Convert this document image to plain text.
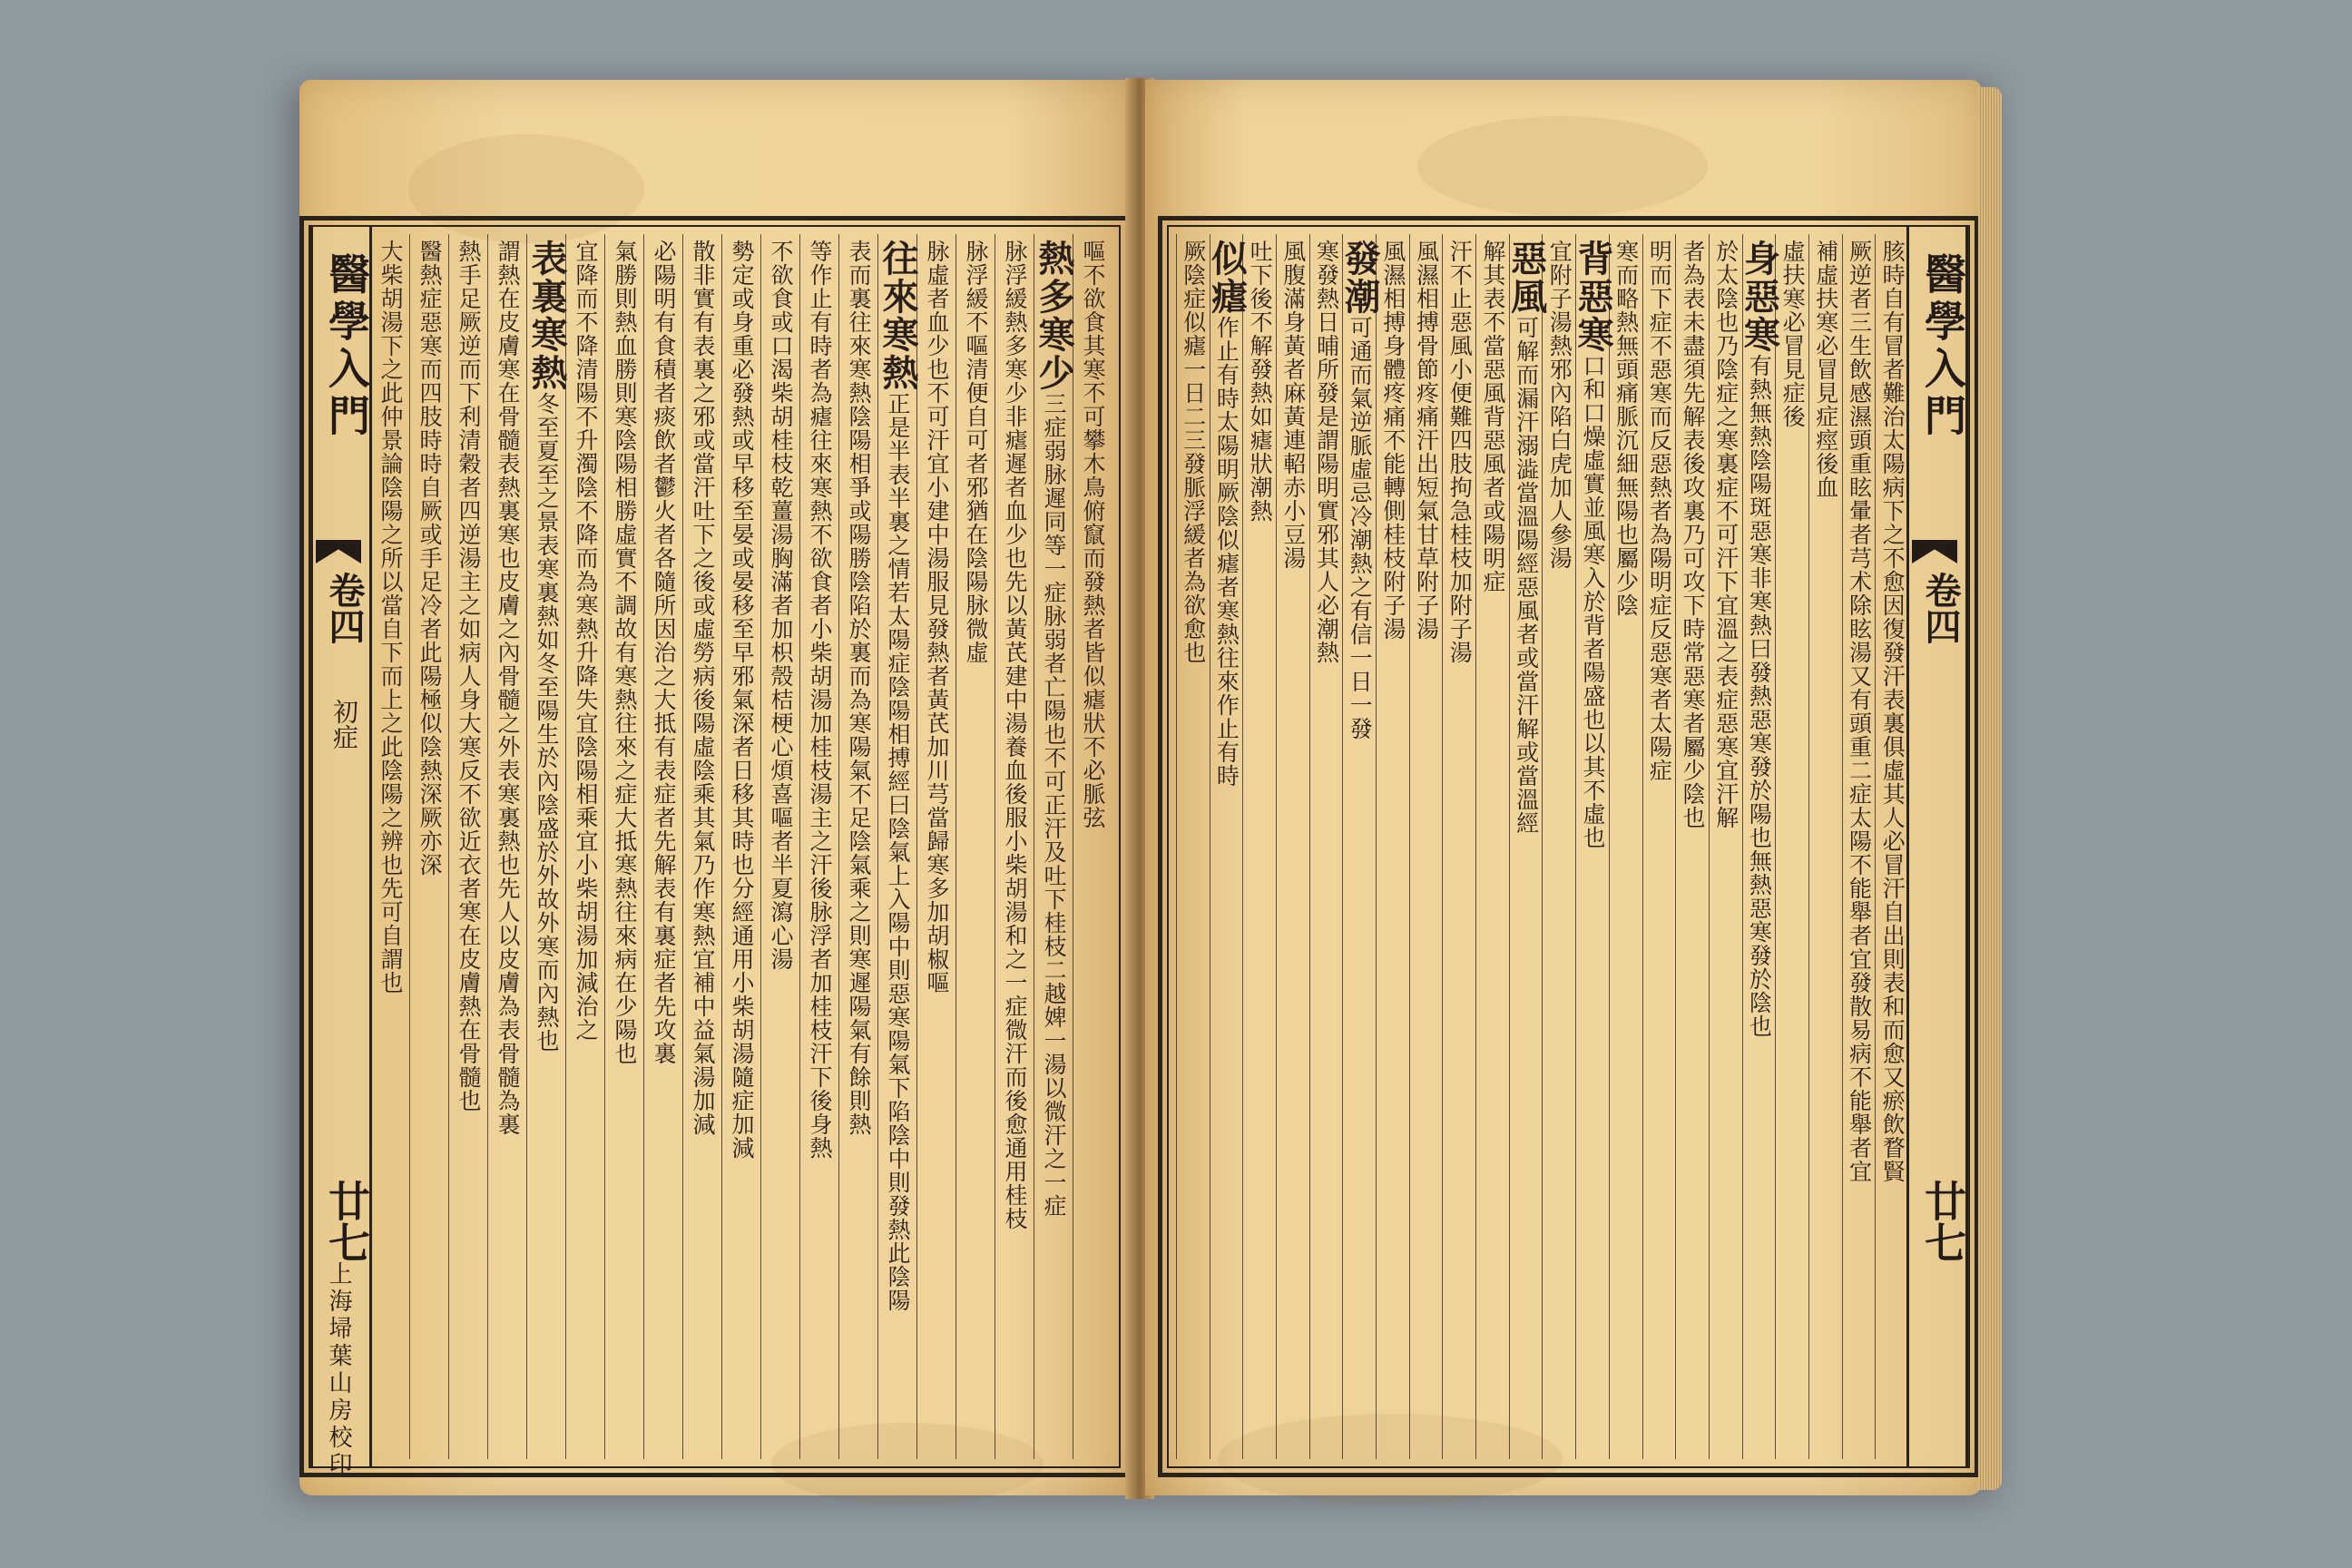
醫學入門
卷四
初症
廿七
上海埽葉山房校印
嘔不欲食其寒不可攀木鳥俯竄而發熱者皆似瘧狀不必脈弦
熱多寒少三症弱脉遲同等一症脉弱者亡陽也不可正汗及吐下桂枝二越婢一湯以微汗之一症
脉浮緩熱多寒少非瘧遲者血少也先以黃芪建中湯養血後服小柴胡湯和之一症微汗而後愈通用桂枝
脉浮緩不嘔清便自可者邪猶在陰陽脉微虛
脉虛者血少也不可汗宜小建中湯服見發熱者黃芪加川芎當歸寒多加胡椒嘔
往來寒熱正是半表半裏之情若太陽症陰陽相搏經曰陰氣上入陽中則惡寒陽氣下陷陰中則發熱此陰陽
表而裏往來寒熱陰陽相爭或陽勝陰陷於裏而為寒陽氣不足陰氣乘之則寒遲陽氣有餘則熱
等作止有時者為瘧往來寒熱不欲食者小柴胡湯加桂枝湯主之汗後脉浮者加桂枝汗下後身熱
不欲食或口渴柴胡桂枝乾薑湯胸滿者加枳殼桔梗心煩喜嘔者半夏瀉心湯
勢定或身重必發熱或早移至晏或晏移至早邪氣深者日移其時也分經通用小柴胡湯隨症加減
散非實有表裏之邪或當汗吐下之後或虛勞病後陽虛陰乘其氣乃作寒熱宜補中益氣湯加減
必陽明有食積者痰飲者鬱火者各隨所因治之大抵有表症者先解表有裏症者先攻裏
氣勝則熱血勝則寒陰陽相勝虛實不調故有寒熱往來之症大抵寒熱往來病在少陽也
宜降而不降清陽不升濁陰不降而為寒熱升降失宜陰陽相乘宜小柴胡湯加減治之
表裏寒熱冬至夏至之景表寒裏熱如冬至陽生於內陰盛於外故外寒而內熱也
謂熱在皮膚寒在骨髓表熱裏寒也皮膚之內骨髓之外表寒裏熱也先人以皮膚為表骨髓為裏
熱手足厥逆而下利清穀者四逆湯主之如病人身大寒反不欲近衣者寒在皮膚熱在骨髓也
醫熱症惡寒而四肢時時自厥或手足冷者此陽極似陰熱深厥亦深
大柴胡湯下之此仲景論陰陽之所以當自下而上之此陰陽之辨也先可自謂也	醫學入門
卷四
廿七
胲時自有冒者難治太陽病下之不愈因復發汗表裏俱虛其人必冒汗自出則表和而愈又瘀飲瞀賢
厥逆者三生飲感濕頭重眩暈者芎术除眩湯又有頭重二症太陽不能舉者宜發散易病不能舉者宜
補虛扶寒必冒見症痙後血
虛扶寒必冒見症後
身惡寒有熱無熱陰陽斑惡寒非寒熱曰發熱惡寒發於陽也無熱惡寒發於陰也
於太陰也乃陰症之寒裏症不可汗下宜溫之表症惡寒宜汗解
者為表未盡須先解表後攻裏乃可攻下時常惡寒者屬少陰也
明而下症不惡寒而反惡熱者為陽明症反惡寒者太陽症
寒而略熱無頭痛脈沉細無陽也屬少陰
背惡寒口和口燥虛實並風寒入於背者陽盛也以其不虛也
宜附子湯熱邪內陷白虎加人參湯
惡風可解而漏汗溺澁當溫陽經惡風者或當汗解或當溫經
解其表不當惡風背惡風者或陽明症
汗不止惡風小便難四肢拘急桂枝加附子湯
風濕相搏骨節疼痛汗出短氣甘草附子湯
風濕相搏身體疼痛不能轉側桂枝附子湯
發潮可通而氣逆脈虛忌冷潮熱之有信一日一發
寒發熱日晡所發是謂陽明實邪其人必潮熱
風腹滿身黃者麻黃連軺赤小豆湯
吐下後不解發熱如瘧狀潮熱
似瘧作止有時太陽明厥陰似瘧者寒熱往來作止有時
厥陰症似瘧一日二三發脈浮緩者為欲愈也
